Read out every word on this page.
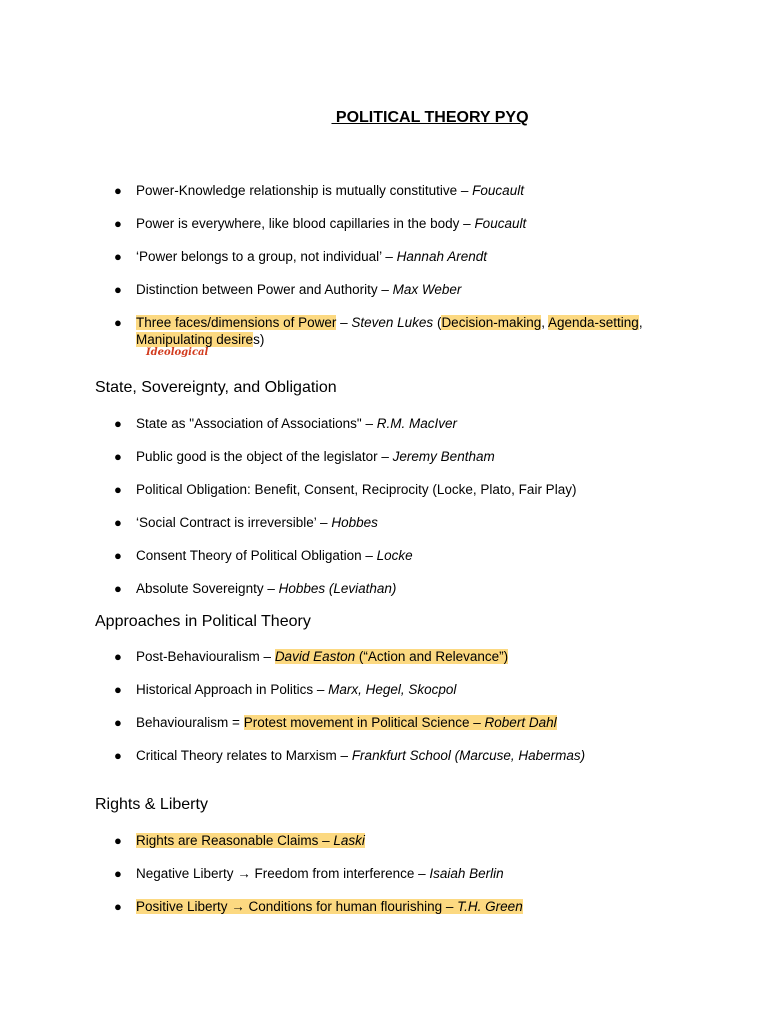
POLITICAL THEORY PYQ
● Power-Knowledge relationship is mutually constitutive – Foucault
● Power is everywhere, like blood capillaries in the body – Foucault
● ‘Power belongs to a group, not individual’ – Hannah Arendt
● Distinction between Power and Authority – Max Weber
● Three faces/dimensions of Power – Steven Lukes (Decision-making, Agenda-setting, Manipulating desires)
Ideological
State, Sovereignty, and Obligation
● State as "Association of Associations" – R.M. MacIver
● Public good is the object of the legislator – Jeremy Bentham
● Political Obligation: Benefit, Consent, Reciprocity (Locke, Plato, Fair Play)
● ‘Social Contract is irreversible’ – Hobbes
● Consent Theory of Political Obligation – Locke
● Absolute Sovereignty – Hobbes (Leviathan)
Approaches in Political Theory
● Post-Behaviouralism – David Easton (“Action and Relevance”)
● Historical Approach in Politics – Marx, Hegel, Skocpol
● Behaviouralism = Protest movement in Political Science – Robert Dahl
● Critical Theory relates to Marxism – Frankfurt School (Marcuse, Habermas)
Rights & Liberty
● Rights are Reasonable Claims – Laski
● Negative Liberty → Freedom from interference – Isaiah Berlin
● Positive Liberty → Conditions for human flourishing – T.H. Green
